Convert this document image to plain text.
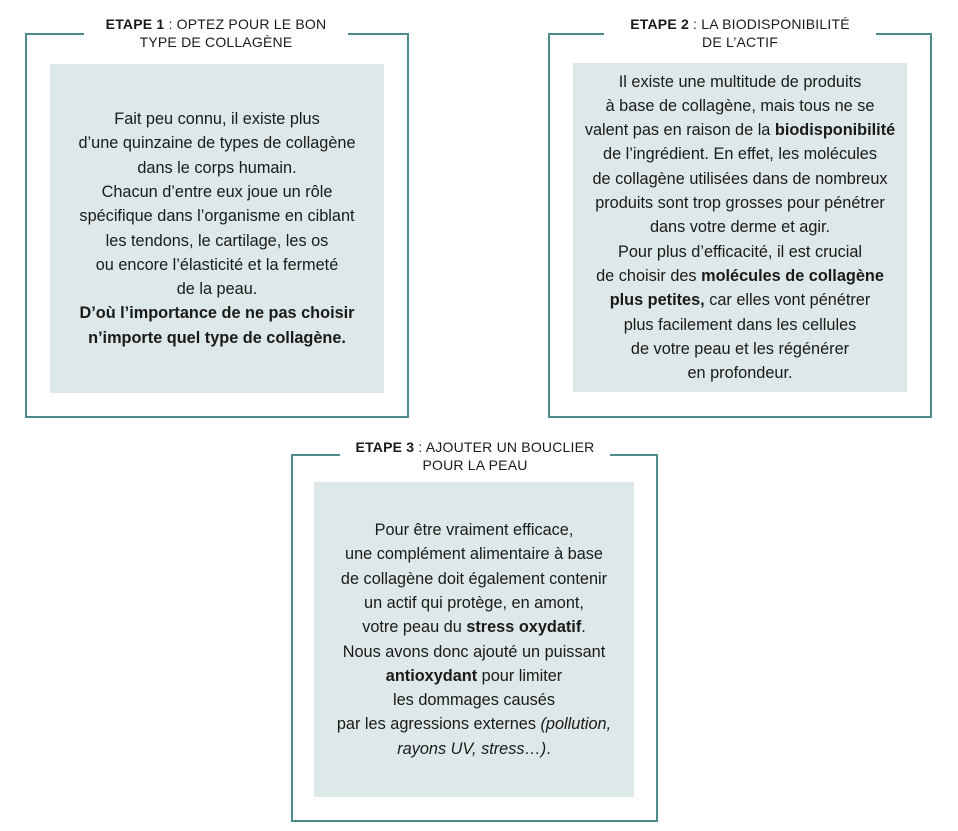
ETAPE 1 : OPTEZ POUR LE BON
TYPE DE COLLAGÈNE
Fait peu connu, il existe plus
d’une quinzaine de types de collagène
dans le corps humain.
Chacun d’entre eux joue un rôle
spécifique dans l’organisme en ciblant
les tendons, le cartilage, les os
ou encore l’élasticité et la fermeté
de la peau.
D’où l’importance de ne pas choisir
n’importe quel type de collagène.
ETAPE 2 : LA BIODISPONIBILITÉ
DE L’ACTIF
Il existe une multitude de produits
à base de collagène, mais tous ne se
valent pas en raison de la biodisponibilité
de l’ingrédient. En effet, les molécules
de collagène utilisées dans de nombreux
produits sont trop grosses pour pénétrer
dans votre derme et agir.
Pour plus d’efficacité, il est crucial
de choisir des molécules de collagène
plus petites, car elles vont pénétrer
plus facilement dans les cellules
de votre peau et les régénérer
en profondeur.
ETAPE 3 : AJOUTER UN BOUCLIER
POUR LA PEAU
Pour être vraiment efficace,
une complément alimentaire à base
de collagène doit également contenir
un actif qui protège, en amont,
votre peau du stress oxydatif.
Nous avons donc ajouté un puissant
antioxydant pour limiter
les dommages causés
par les agressions externes (pollution,
rayons UV, stress…).
